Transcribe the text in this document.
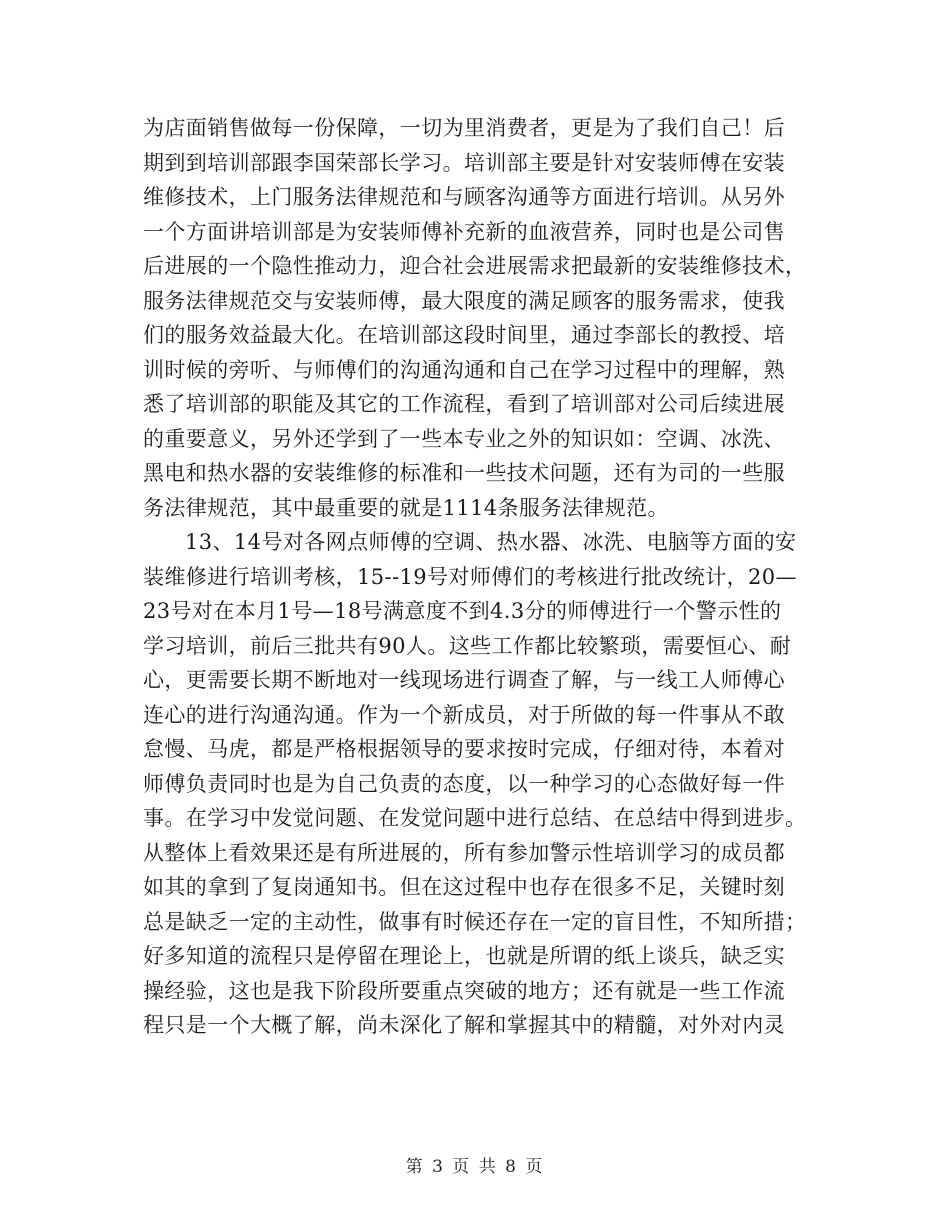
为店面销售做每一份保障，一切为里消费者，更是为了我们自己！后
期到到培训部跟李国荣部长学习。培训部主要是针对安装师傅在安装
维修技术，上门服务法律规范和与顾客沟通等方面进行培训。从另外
一个方面讲培训部是为安装师傅补充新的血液营养，同时也是公司售
后进展的一个隐性推动力，迎合社会进展需求把最新的安装维修技术，
服务法律规范交与安装师傅，最大限度的满足顾客的服务需求，使我
们的服务效益最大化。在培训部这段时间里，通过李部长的教授、培
训时候的旁听、与师傅们的沟通沟通和自己在学习过程中的理解，熟
悉了培训部的职能及其它的工作流程，看到了培训部对公司后续进展
的重要意义，另外还学到了一些本专业之外的知识如：空调、冰洗、
黑电和热水器的安装维修的标准和一些技术问题，还有为司的一些服
务法律规范，其中最重要的就是1114条服务法律规范。
13、14号对各网点师傅的空调、热水器、冰洗、电脑等方面的安
装维修进行培训考核，15--19号对师傅们的考核进行批改统计，20—
23号对在本月1号—18号满意度不到4.3分的师傅进行一个警示性的
学习培训，前后三批共有90人。这些工作都比较繁琐，需要恒心、耐
心，更需要长期不断地对一线现场进行调查了解，与一线工人师傅心
连心的进行沟通沟通。作为一个新成员，对于所做的每一件事从不敢
怠慢、马虎，都是严格根据领导的要求按时完成，仔细对待，本着对
师傅负责同时也是为自己负责的态度，以一种学习的心态做好每一件
事。在学习中发觉问题、在发觉问题中进行总结、在总结中得到进步。
从整体上看效果还是有所进展的，所有参加警示性培训学习的成员都
如其的拿到了复岗通知书。但在这过程中也存在很多不足，关键时刻
总是缺乏一定的主动性，做事有时候还存在一定的盲目性，不知所措；
好多知道的流程只是停留在理论上，也就是所谓的纸上谈兵，缺乏实
操经验，这也是我下阶段所要重点突破的地方；还有就是一些工作流
程只是一个大概了解，尚未深化了解和掌握其中的精髓，对外对内灵
第 3 页 共 8 页
